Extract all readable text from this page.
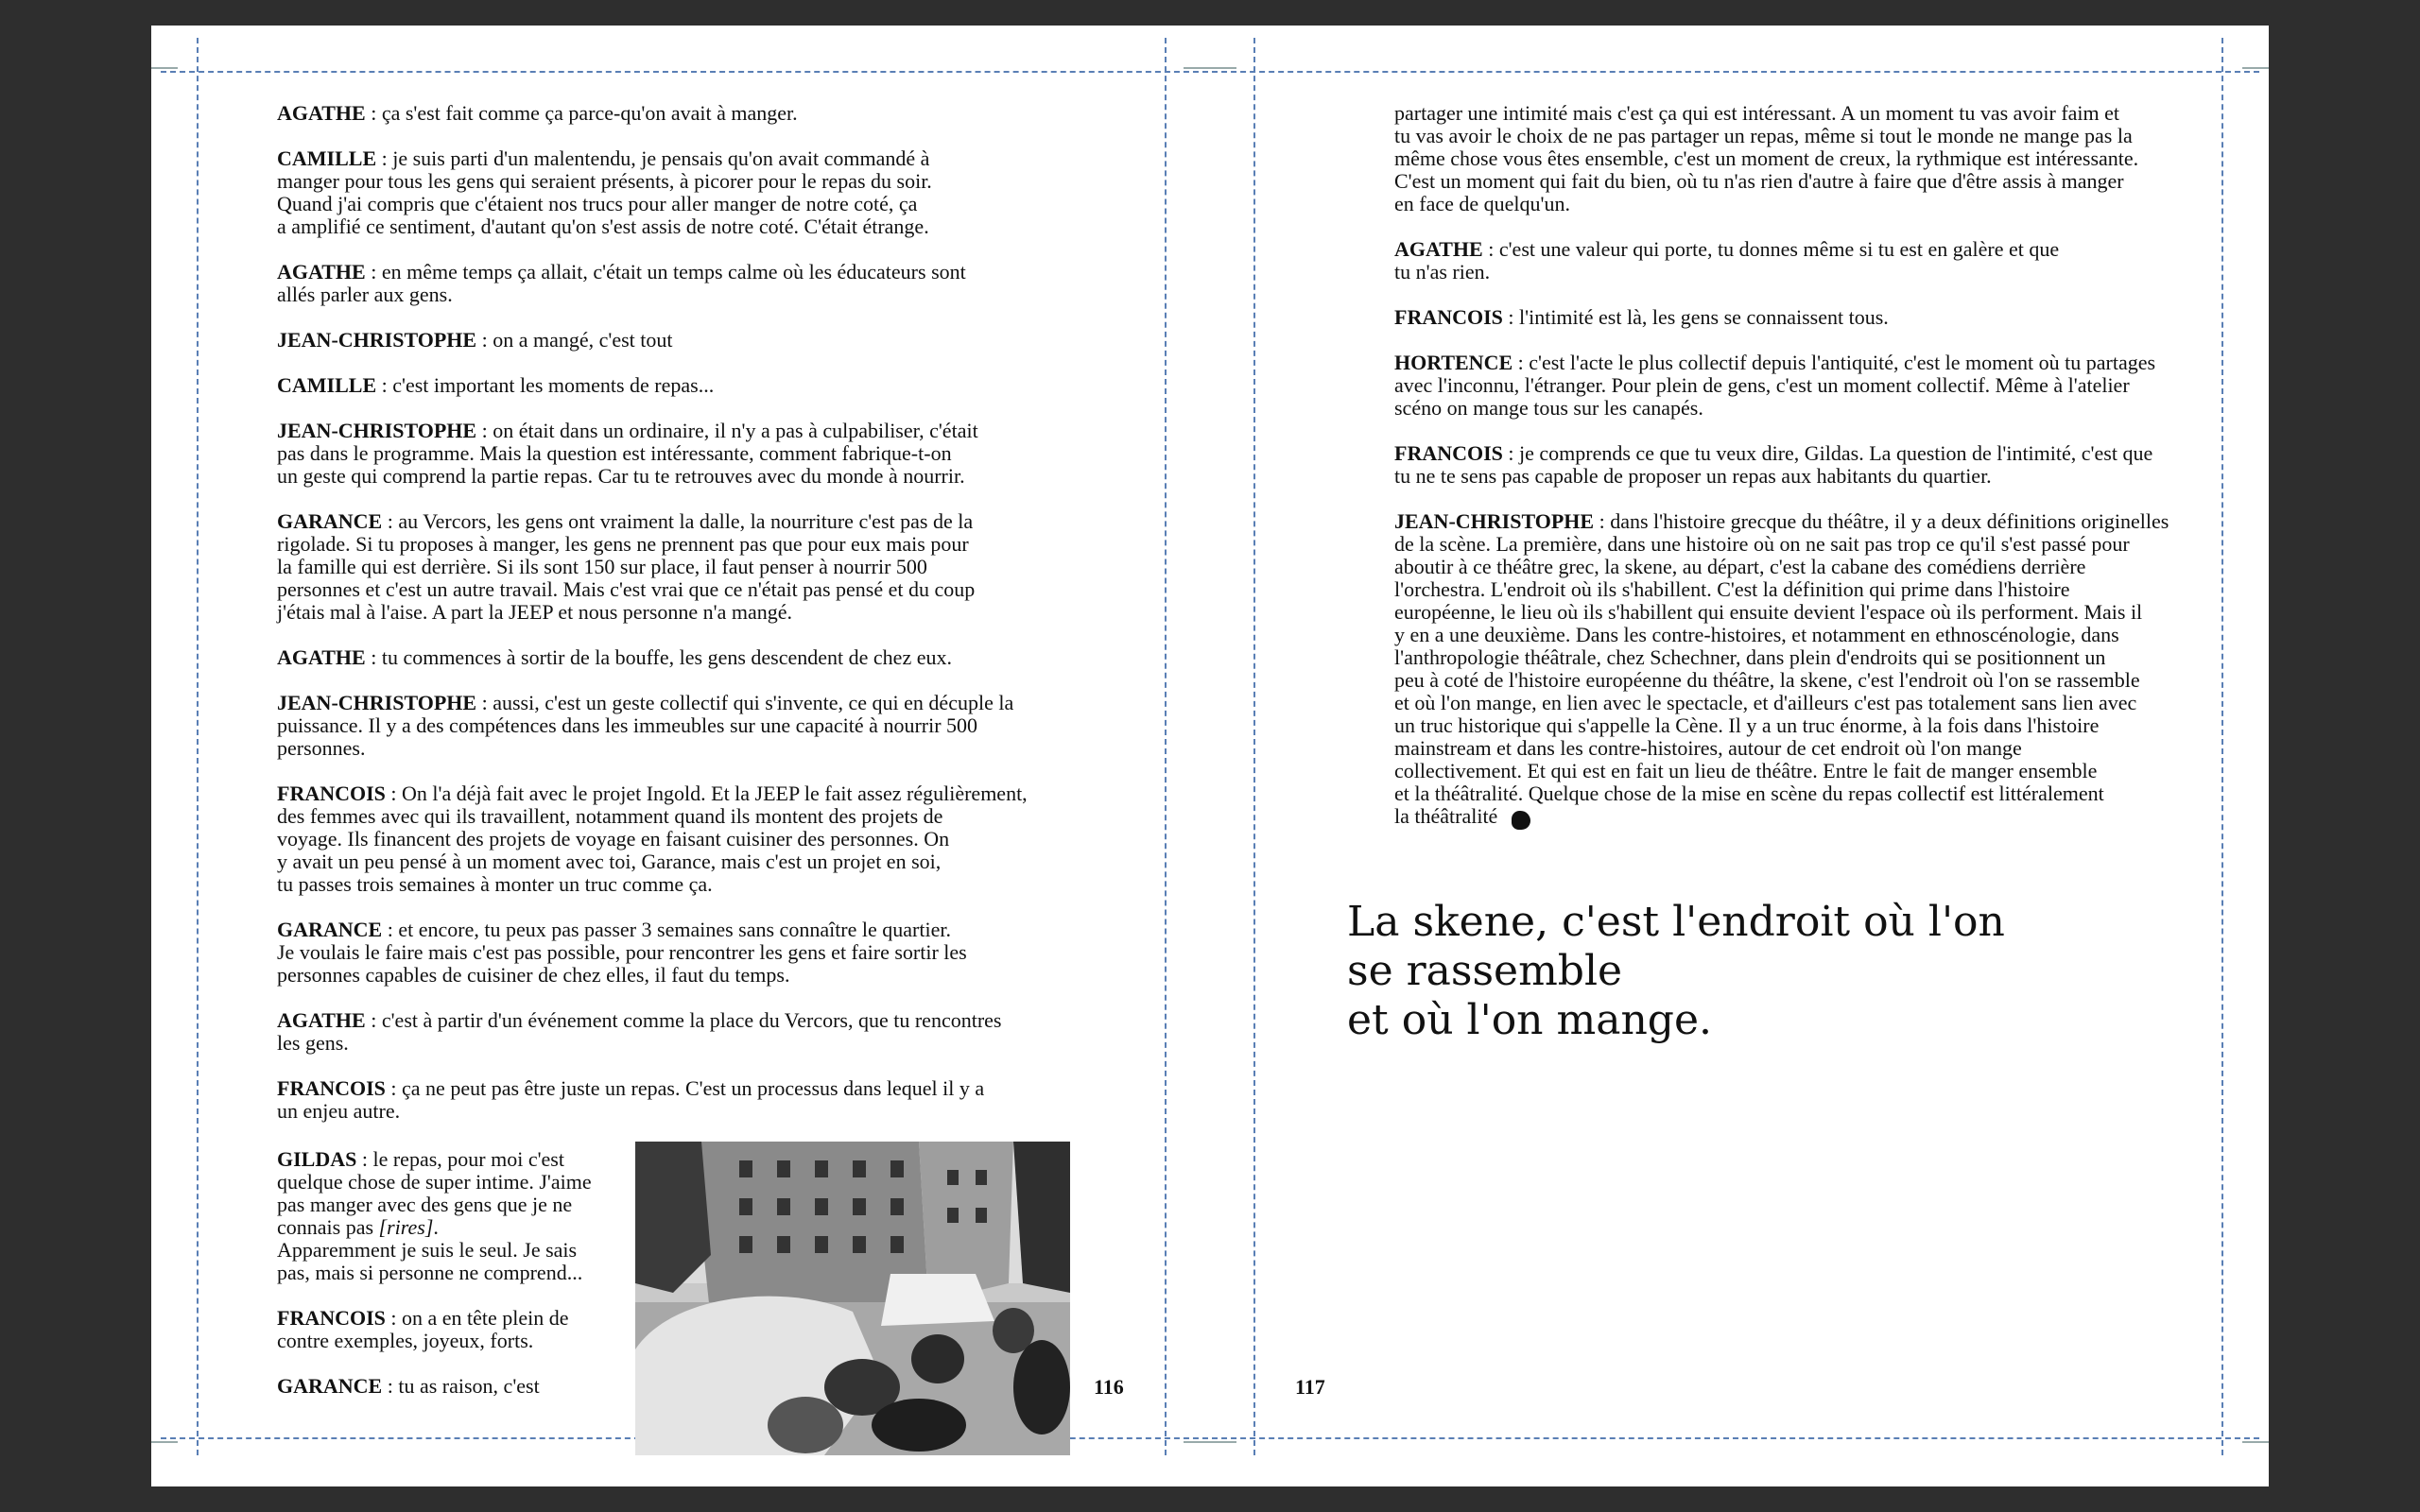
AGATHE : ça s'est fait comme ça parce-qu'on avait à manger.

CAMILLE : je suis parti d'un malentendu, je pensais qu'on avait commandé à
manger pour tous les gens qui seraient présents, à picorer pour le repas du soir.
Quand j'ai compris que c'étaient nos trucs pour aller manger de notre coté, ça
a amplifié ce sentiment, d'autant qu'on s'est assis de notre coté. C'était étrange.

AGATHE : en même temps ça allait, c'était un temps calme où les éducateurs sont
allés parler aux gens.

JEAN-CHRISTOPHE : on a mangé, c'est tout

CAMILLE : c'est important les moments de repas...

JEAN-CHRISTOPHE : on était dans un ordinaire, il n'y a pas à culpabiliser, c'était
pas dans le programme. Mais la question est intéressante, comment fabrique-t-on
un geste qui comprend la partie repas. Car tu te retrouves avec du monde à nourrir.

GARANCE : au Vercors, les gens ont vraiment la dalle, la nourriture c'est pas de la
rigolade. Si tu proposes à manger, les gens ne prennent pas que pour eux mais pour
la famille qui est derrière. Si ils sont 150 sur place, il faut penser à nourrir 500
personnes et c'est un autre travail. Mais c'est vrai que ce n'était pas pensé et du coup
j'étais mal à l'aise. A part la JEEP et nous personne n'a mangé.

AGATHE : tu commences à sortir de la bouffe, les gens descendent de chez eux.

JEAN-CHRISTOPHE : aussi, c'est un geste collectif qui s'invente, ce qui en décuple la
puissance. Il y a des compétences dans les immeubles sur une capacité à nourrir 500
personnes.

FRANCOIS : On l'a déjà fait avec le projet Ingold. Et la JEEP le fait assez régulièrement,
des femmes avec qui ils travaillent, notamment quand ils montent des projets de
voyage. Ils financent des projets de voyage en faisant cuisiner des personnes. On
y avait un peu pensé à un moment avec toi, Garance, mais c'est un projet en soi,
tu passes trois semaines à monter un truc comme ça.

GARANCE : et encore, tu peux pas passer 3 semaines sans connaître le quartier.
Je voulais le faire mais c'est pas possible, pour rencontrer les gens et faire sortir les
personnes capables de cuisiner de chez elles, il faut du temps.

AGATHE : c'est à partir d'un événement comme la place du Vercors, que tu rencontres
les gens.

FRANCOIS : ça ne peut pas être juste un repas. C'est un processus dans lequel il y a
un enjeu autre.

GILDAS : le repas, pour moi c'est
quelque chose de super intime. J'aime
pas manger avec des gens que je ne
connais pas [rires].
Apparemment je suis le seul. Je sais
pas, mais si personne ne comprend...

FRANCOIS : on a en tête plein de
contre exemples, joyeux, forts.

GARANCE : tu as raison, c'est	116

partager une intimité mais c'est ça qui est intéressant. A un moment tu vas avoir faim et
tu vas avoir le choix de ne pas partager un repas, même si tout le monde ne mange pas la
même chose vous êtes ensemble, c'est un moment de creux, la rythmique est intéressante.
C'est un moment qui fait du bien, où tu n'as rien d'autre à faire que d'être assis à manger
en face de quelqu'un.

AGATHE : c'est une valeur qui porte, tu donnes même si tu est en galère et que
tu n'as rien.

FRANCOIS : l'intimité est là, les gens se connaissent tous.

HORTENCE : c'est l'acte le plus collectif depuis l'antiquité, c'est le moment où tu partages
avec l'inconnu, l'étranger. Pour plein de gens, c'est un moment collectif. Même à l'atelier
scéno on mange tous sur les canapés.

FRANCOIS : je comprends ce que tu veux dire, Gildas. La question de l'intimité, c'est que
tu ne te sens pas capable de proposer un repas aux habitants du quartier.

JEAN-CHRISTOPHE : dans l'histoire grecque du théâtre, il y a deux définitions originelles
de la scène. La première, dans une histoire où on ne sait pas trop ce qu'il s'est passé pour
aboutir à ce théâtre grec, la skene, au départ, c'est la cabane des comédiens derrière
l'orchestra. L'endroit où ils s'habillent. C'est la définition qui prime dans l'histoire
européenne, le lieu où ils s'habillent qui ensuite devient l'espace où ils performent. Mais il
y en a une deuxième. Dans les contre-histoires, et notamment en ethnoscénologie, dans
l'anthropologie théâtrale, chez Schechner, dans plein d'endroits qui se positionnent un
peu à coté de l'histoire européenne du théâtre, la skene, c'est l'endroit où l'on se rassemble
et où l'on mange, en lien avec le spectacle, et d'ailleurs c'est pas totalement sans lien avec
un truc historique qui s'appelle la Cène. Il y a un truc énorme, à la fois dans l'histoire
mainstream et dans les contre-histoires, autour de cet endroit où l'on mange
collectivement. Et qui est en fait un lieu de théâtre. Entre le fait de manger ensemble
et la théâtralité. Quelque chose de la mise en scène du repas collectif est littéralement
la théâtralité

La skene, c'est l'endroit où l'on
se rassemble
et où l'on mange.
117
